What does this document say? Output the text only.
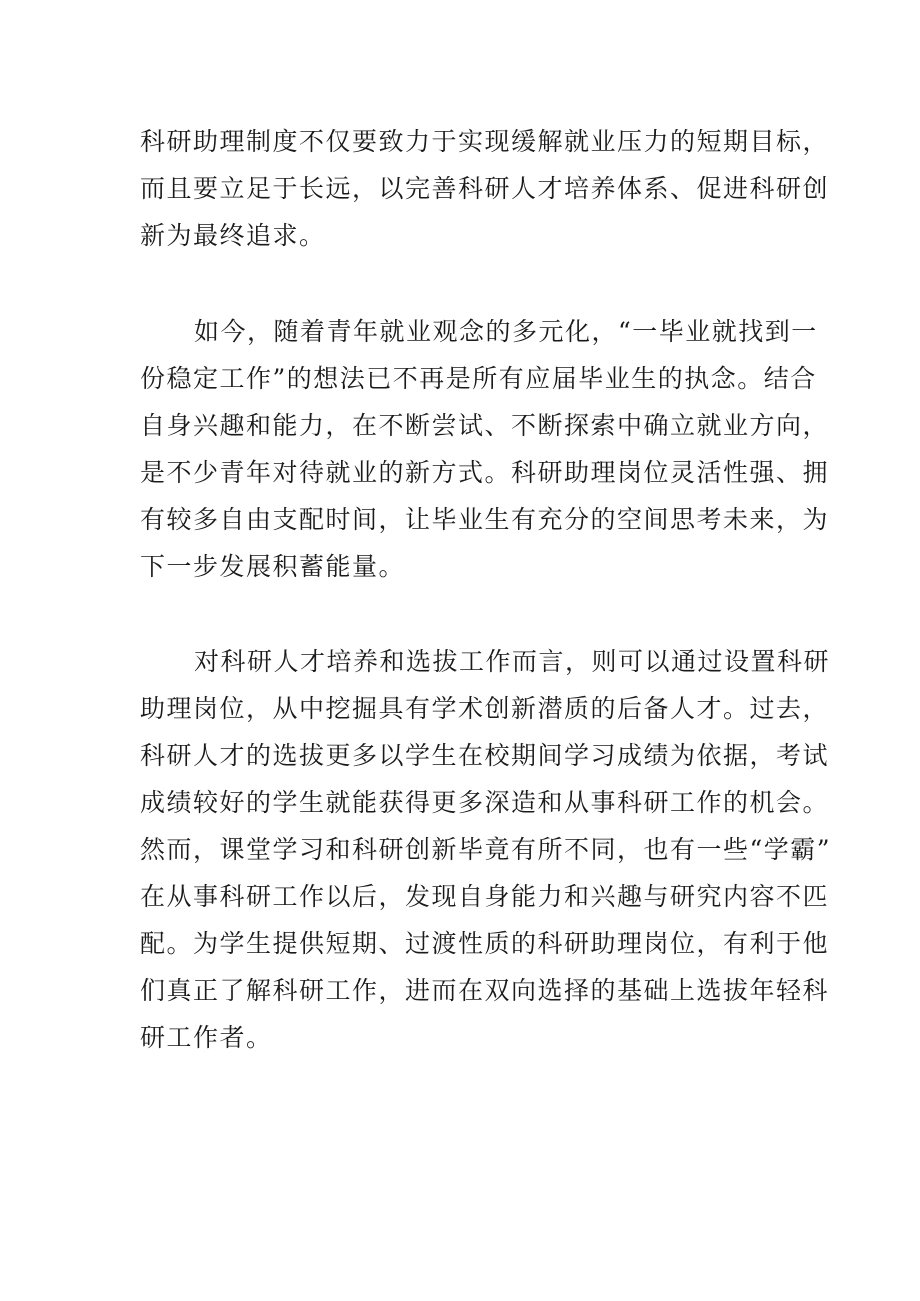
科研助理制度不仅要致力于实现缓解就业压力的短期目标，
而且要立足于长远，以完善科研人才培养体系、促进科研创
新为最终追求。

如今，随着青年就业观念的多元化，“一毕业就找到一
份稳定工作”的想法已不再是所有应届毕业生的执念。结合
自身兴趣和能力，在不断尝试、不断探索中确立就业方向，
是不少青年对待就业的新方式。科研助理岗位灵活性强、拥
有较多自由支配时间，让毕业生有充分的空间思考未来，为
下一步发展积蓄能量。

对科研人才培养和选拔工作而言，则可以通过设置科研
助理岗位，从中挖掘具有学术创新潜质的后备人才。过去，
科研人才的选拔更多以学生在校期间学习成绩为依据，考试
成绩较好的学生就能获得更多深造和从事科研工作的机会。
然而，课堂学习和科研创新毕竟有所不同，也有一些“学霸”
在从事科研工作以后，发现自身能力和兴趣与研究内容不匹
配。为学生提供短期、过渡性质的科研助理岗位，有利于他
们真正了解科研工作，进而在双向选择的基础上选拔年轻科
研工作者。
